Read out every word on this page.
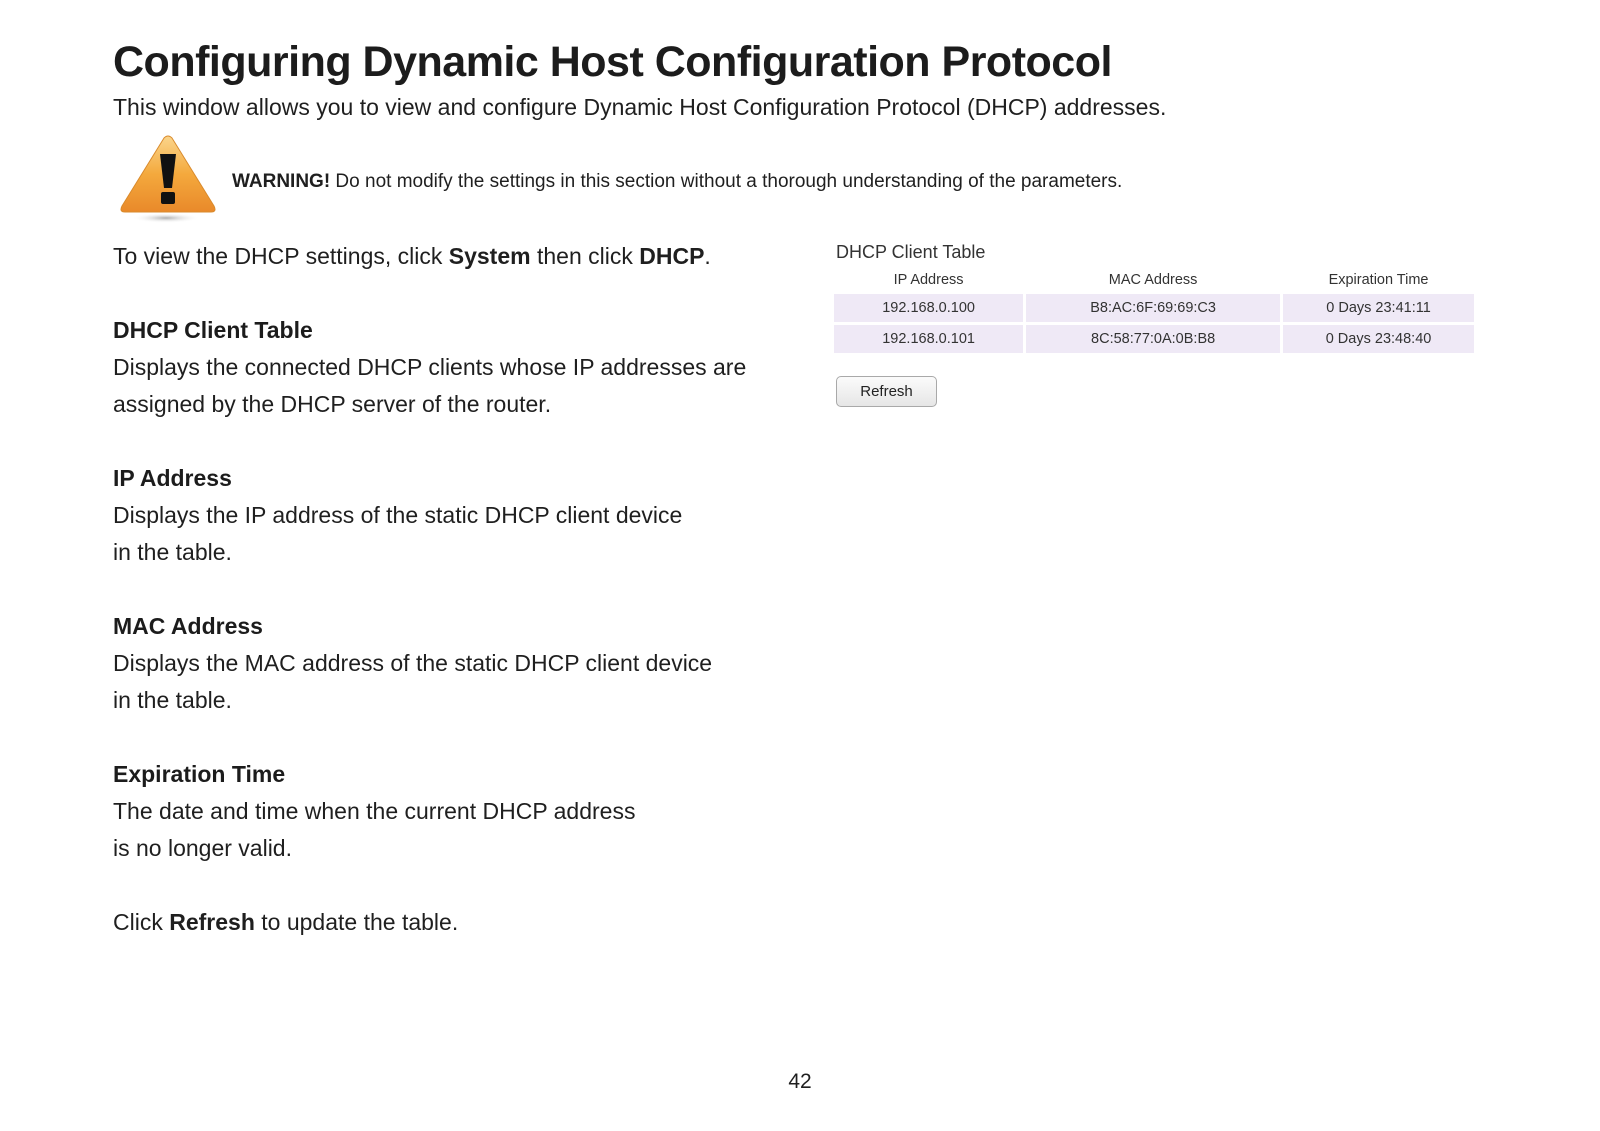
Configuring Dynamic Host Configuration Protocol
This window allows you to view and configure Dynamic Host Configuration Protocol (DHCP) addresses.
WARNING! Do not modify the settings in this section without a thorough understanding of the parameters.

To view the DHCP settings, click System then click DHCP.

DHCP Client Table

Displays the connected DHCP clients whose IP addresses are

assigned by the DHCP server of the router.

IP Address

Displays the IP address of the static DHCP client device

in the table.

MAC Address

Displays the MAC address of the static DHCP client device

in the table.

Expiration Time

The date and time when the current DHCP address

is no longer valid.

Click Refresh to update the table.

DHCP Client Table
IP Address	MAC Address	Expiration Time
192.168.0.100	B8:AC:6F:69:69:C3	0 Days 23:41:11
192.168.0.101	8C:58:77:0A:0B:B8	0 Days 23:48:40
Refresh
42
